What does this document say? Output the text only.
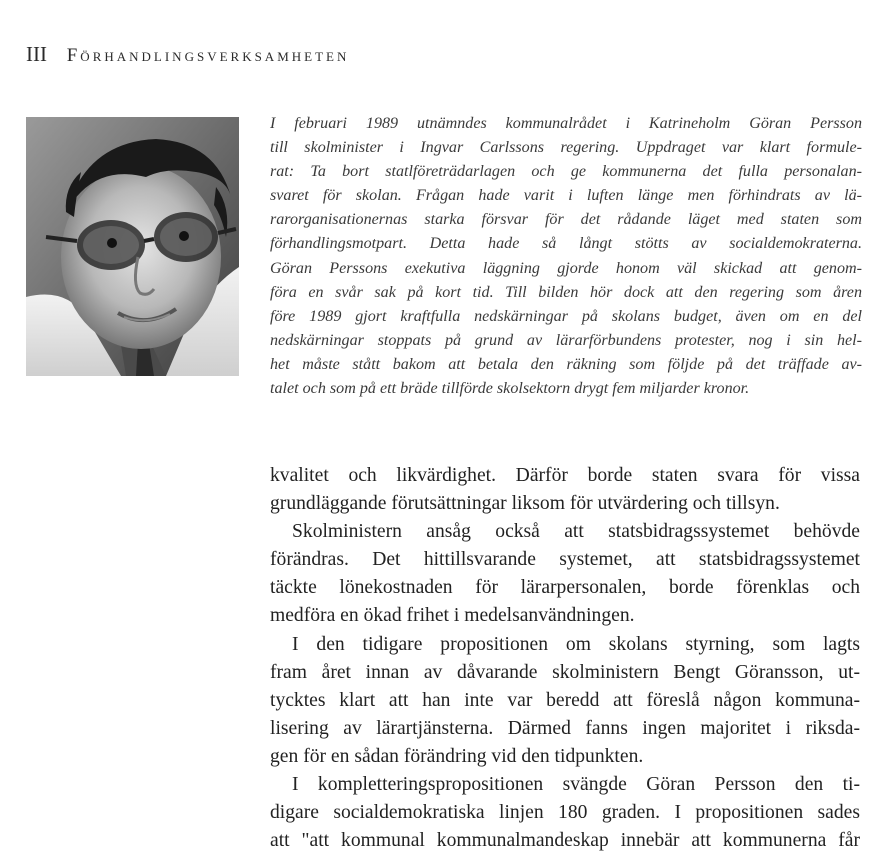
III Förhandlingsverksamheten
I februari 1989 utnämndes kommunalrådet i Katrineholm Göran Persson
till skolminister i Ingvar Carlssons regering. Uppdraget var klart formule-
rat: Ta bort statlföreträdarlagen och ge kommunerna det fulla personalan-
svaret för skolan. Frågan hade varit i luften länge men förhindrats av lä-
rarorganisationernas starka försvar för det rådande läget med staten som
förhandlingsmotpart. Detta hade så långt stötts av socialdemokraterna.
Göran Perssons exekutiva läggning gjorde honom väl skickad att genom-
föra en svår sak på kort tid. Till bilden hör dock att den regering som åren
före 1989 gjort kraftfulla nedskärningar på skolans budget, även om en del
nedskärningar stoppats på grund av lärarförbundens protester, nog i sin hel-
het måste stått bakom att betala den räkning som följde på det träffade av-
talet och som på ett bräde tillförde skolsektorn drygt fem miljarder kronor.
kvalitet och likvärdighet. Därför borde staten svara för vissa
grundläggande förutsättningar liksom för utvärdering och tillsyn.
Skolministern ansåg också att statsbidragssystemet behövde
förändras. Det hittillsvarande systemet, att statsbidragssystemet
täckte lönekostnaden för lärarpersonalen, borde förenklas och
medföra en ökad frihet i medelsanvändningen.
I den tidigare propositionen om skolans styrning, som lagts
fram året innan av dåvarande skolministern Bengt Göransson, ut-
tycktes klart att han inte var beredd att föreslå någon kommuna-
lisering av lärartjänsterna. Därmed fanns ingen majoritet i riksda-
gen för en sådan förändring vid den tidpunkten.
I kompletteringspropositionen svängde Göran Persson den ti-
digare socialdemokratiska linjen 180 graden. I propositionen sades
att "att kommunal kommunalmandeskap innebär att kommunerna får
